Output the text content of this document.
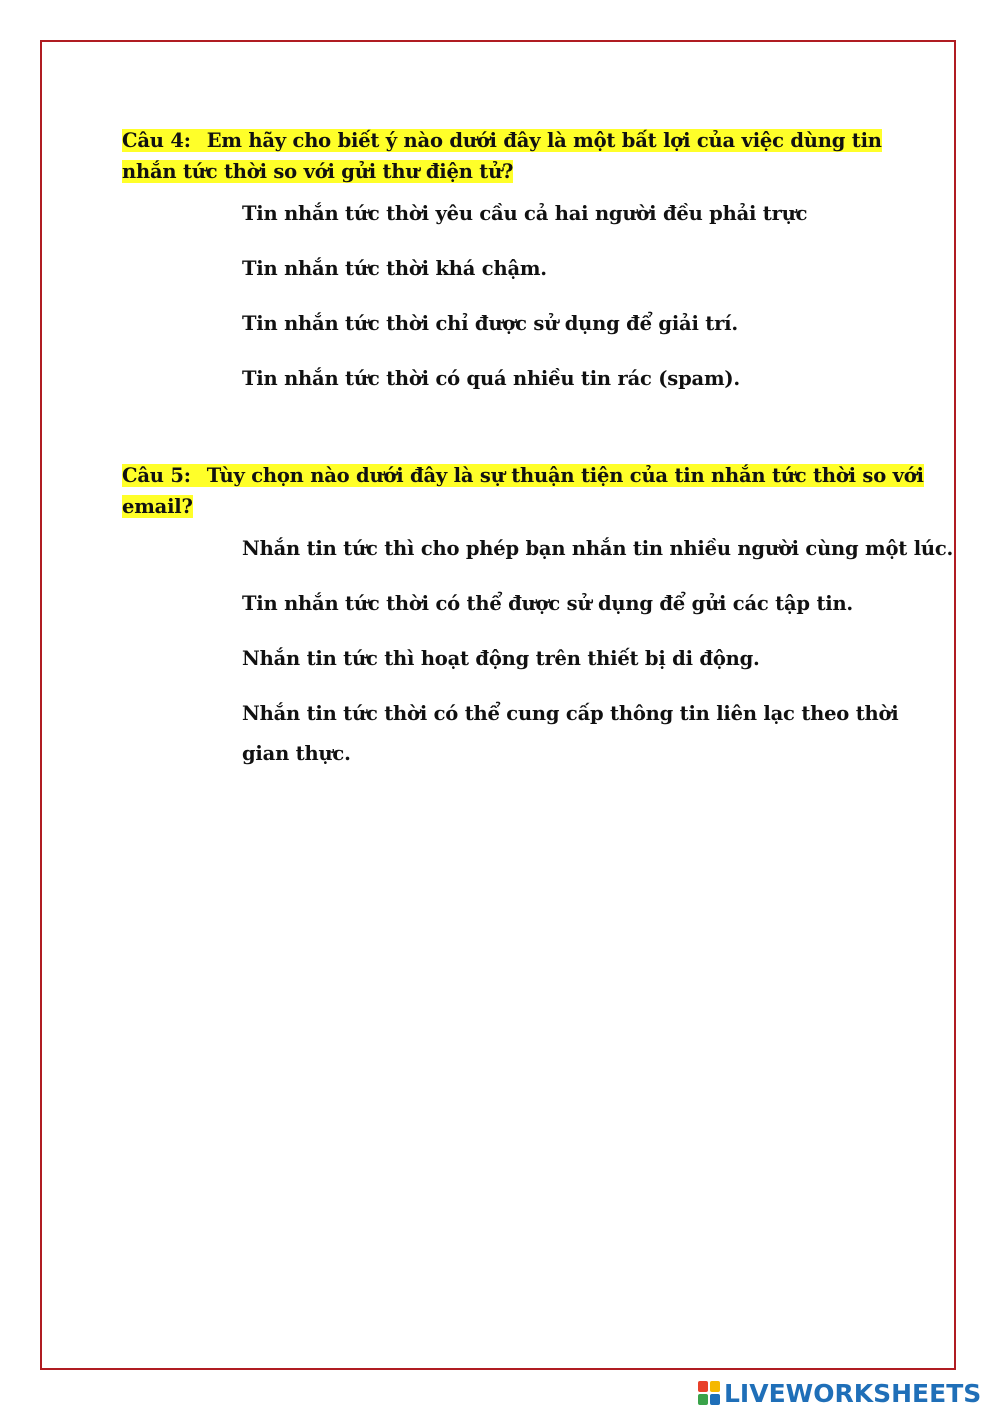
Câu 4: Em hãy cho biết ý nào dưới đây là một bất lợi của việc dùng tin nhắn tức thời so với gửi thư điện tử?
Tin nhắn tức thời yêu cầu cả hai người đều phải trực
Tin nhắn tức thời khá chậm.
Tin nhắn tức thời chỉ được sử dụng để giải trí.
Tin nhắn tức thời có quá nhiều tin rác (spam).
Câu 5: Tùy chọn nào dưới đây là sự thuận tiện của tin nhắn tức thời so với email?
Nhắn tin tức thì cho phép bạn nhắn tin nhiều người cùng một lúc.
Tin nhắn tức thời có thể được sử dụng để gửi các tập tin.
Nhắn tin tức thì hoạt động trên thiết bị di động.
Nhắn tin tức thời có thể cung cấp thông tin liên lạc theo thời gian thực.
LIVEWORKSHEETS
